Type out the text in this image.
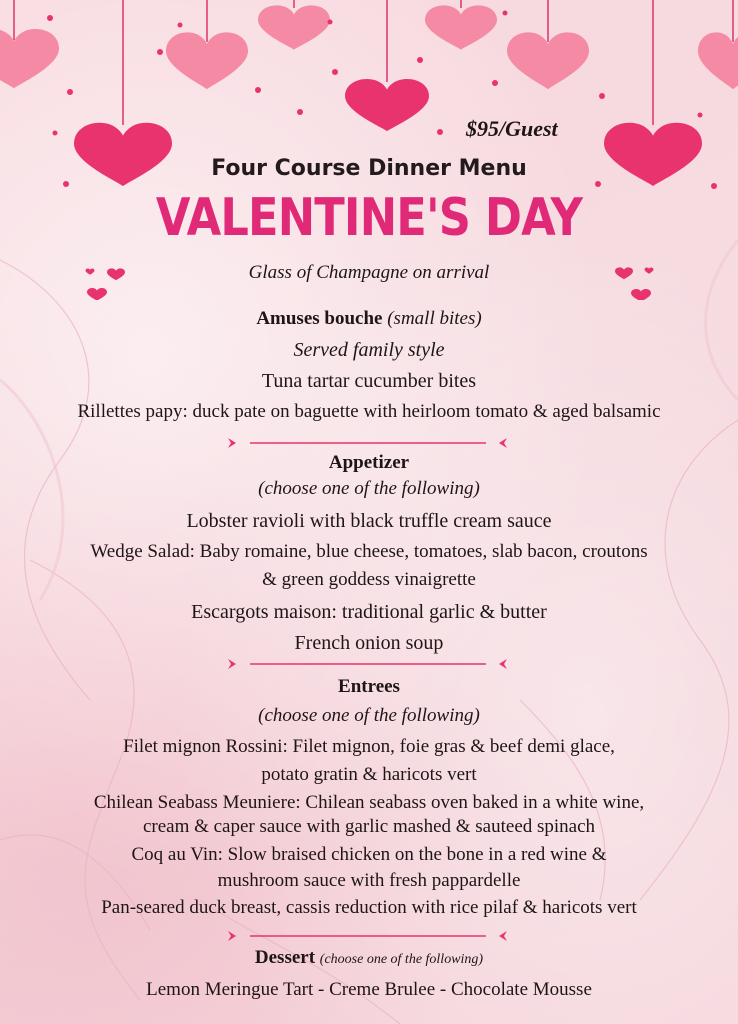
$95/Guest
Four Course Dinner Menu
VALENTINE'S DAY
Glass of Champagne on arrival
Amuses bouche (small bites)
Served family style
Tuna tartar cucumber bites
Rillettes papy: duck pate on baguette with heirloom tomato & aged balsamic
Appetizer
(choose one of the following)
Lobster ravioli with black truffle cream sauce
Wedge Salad: Baby romaine, blue cheese, tomatoes, slab bacon, croutons
& green goddess vinaigrette
Escargots maison: traditional garlic & butter
French onion soup
Entrees
(choose one of the following)
Filet mignon Rossini: Filet mignon, foie gras & beef demi glace,
potato gratin & haricots vert
Chilean Seabass Meuniere: Chilean seabass oven baked in a white wine,
cream & caper sauce with garlic mashed & sauteed spinach
Coq au Vin: Slow braised chicken on the bone in a red wine &
mushroom sauce with fresh pappardelle
Pan-seared duck breast, cassis reduction with rice pilaf & haricots vert
Dessert (choose one of the following)
Lemon Meringue Tart - Creme Brulee - Chocolate Mousse
